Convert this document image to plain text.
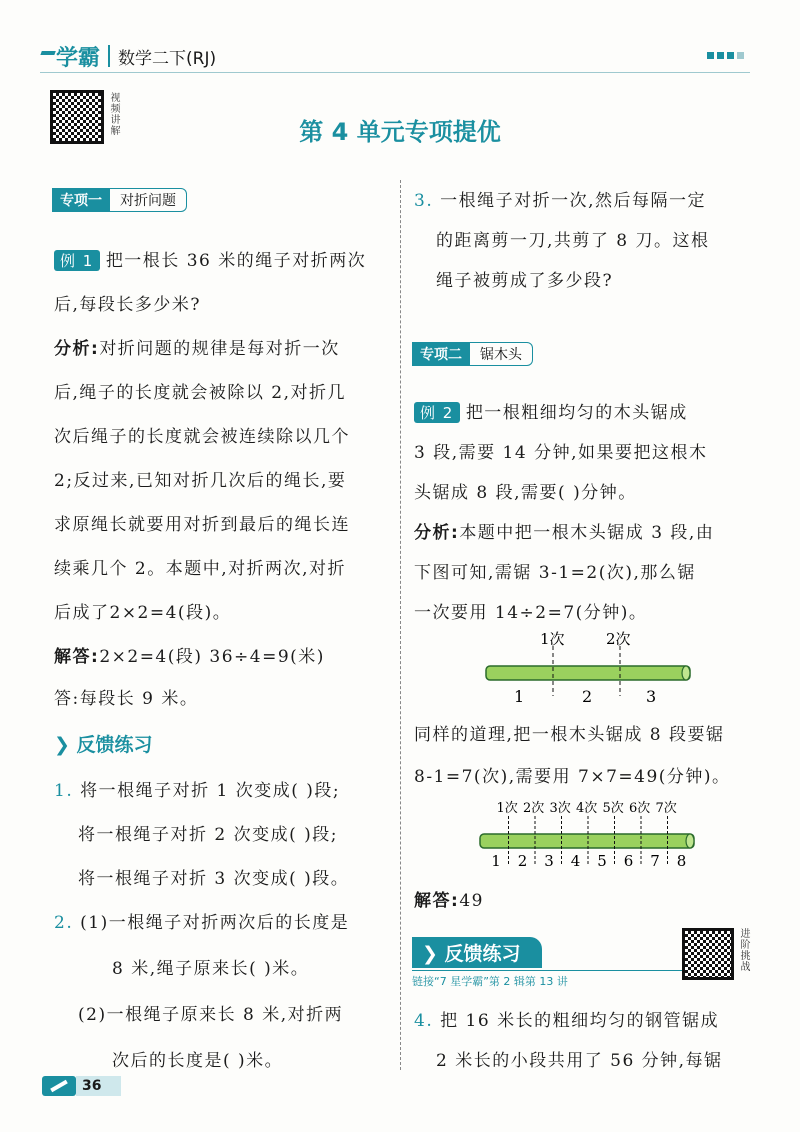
学霸 数学二下(RJ)
视频讲解	第 4 单元专项提优
专项一	对折问题
例 1 把一根长 36 米的绳子对折两次
后,每段长多少米?
分析:对折问题的规律是每对折一次
后,绳子的长度就会被除以 2,对折几
次后绳子的长度就会被连续除以几个
2;反过来,已知对折几次后的绳长,要
求原绳长就要用对折到最后的绳长连
续乘几个 2。本题中,对折两次,对折
后成了2×2=4(段)。
解答:2×2=4(段) 36÷4=9(米)
答:每段长 9 米。
❯ 反馈练习
1. 将一根绳子对折 1 次变成( )段;
将一根绳子对折 2 次变成( )段;
将一根绳子对折 3 次变成( )段。
2. (1)一根绳子对折两次后的长度是
8 米,绳子原来长( )米。
(2)一根绳子原来长 8 米,对折两
次后的长度是( )米。
3. 一根绳子对折一次,然后每隔一定
的距离剪一刀,共剪了 8 刀。这根
绳子被剪成了多少段?
专项二	锯木头
例 2 把一根粗细均匀的木头锯成
3 段,需要 14 分钟,如果要把这根木
头锯成 8 段,需要( )分钟。
分析:本题中把一根木头锯成 3 段,由
下图可知,需锯 3-1=2(次),那么锯
一次要用 14÷2=7(分钟)。
1次	2次
1	2	3
同样的道理,把一根木头锯成 8 段要锯
8-1=7(次),需要用 7×7=49(分钟)。
1次 2次 3次 4次 5次 6次 7次
1 2 3 4 5 6 7 8
解答:49
❯ 反馈练习
链接“7 星学霸”第 2 辑第 13 讲
进阶挑战
4. 把 16 米长的粗细均匀的钢管锯成
2 米长的小段共用了 56 分钟,每锯
36
